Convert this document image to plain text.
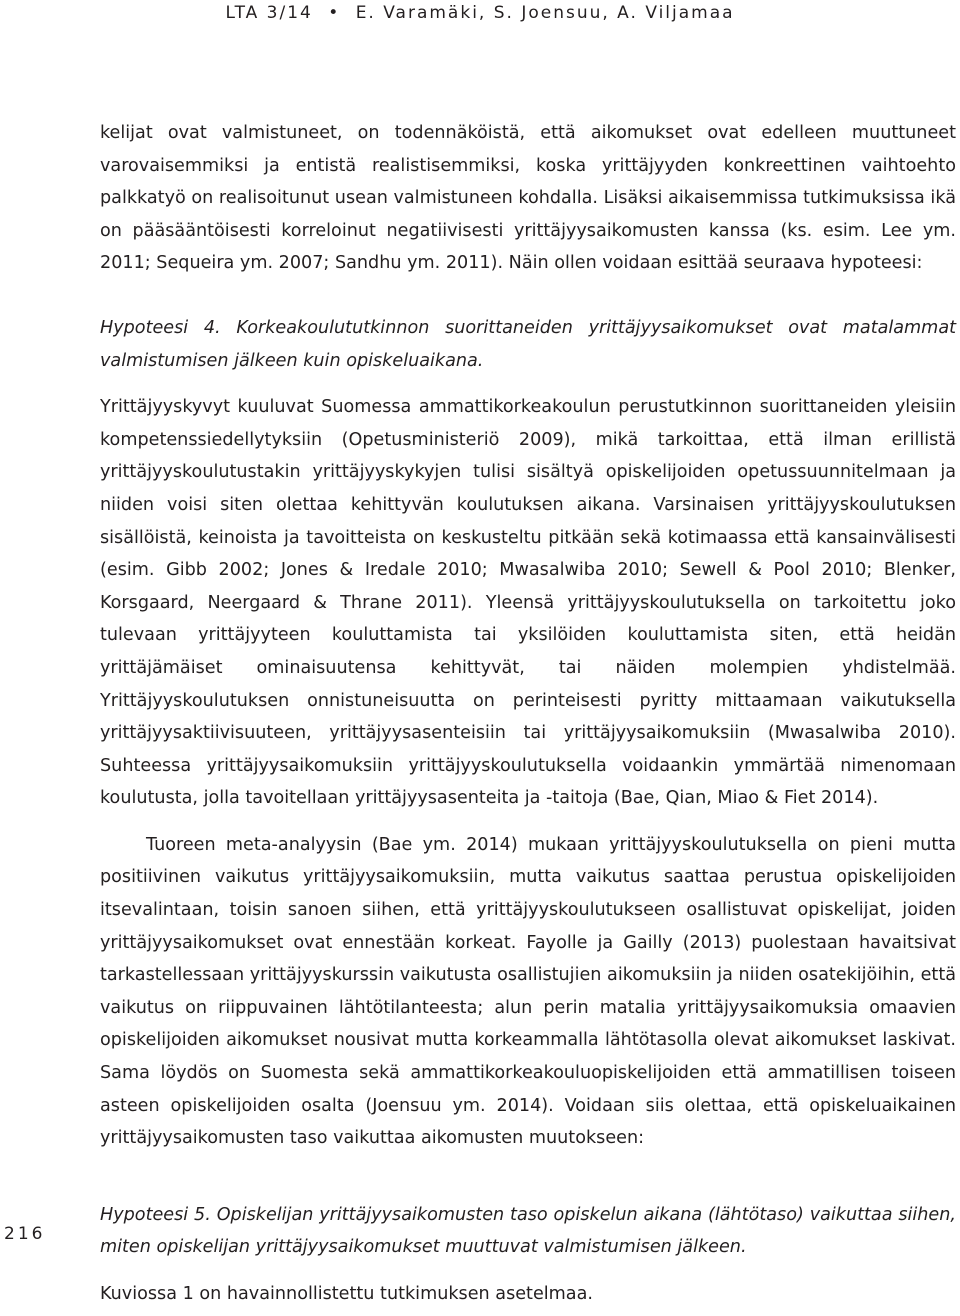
LTA 3/14 • E. Varamäki, S. Joensuu, A. Viljamaa

kelijat ovat valmistuneet, on todennäköistä, että aikomukset ovat edelleen muuttuneet varovaisemmiksi ja entistä realistisemmiksi, koska yrittäjyyden konkreettinen vaihtoehto palkkatyö on realisoitunut usean valmistuneen kohdalla. Lisäksi aikaisemmissa tutkimuksissa ikä on pääsääntöisesti korreloinut negatiivisesti yrittäjyysaikomusten kanssa (ks. esim. Lee ym. 2011; Sequeira ym. 2007; Sandhu ym. 2011). Näin ollen voidaan esittää seuraava hypoteesi:

Hypoteesi 4. Korkeakoulututkinnon suorittaneiden yrittäjyysaikomukset ovat matalammat valmistumisen jälkeen kuin opiskeluaikana.

Yrittäjyyskyvyt kuuluvat Suomessa ammattikorkeakoulun perustutkinnon suorittaneiden yleisiin kompetenssiedellytyksiin (Opetusministeriö 2009), mikä tarkoittaa, että ilman erillistä yrittäjyyskoulutustakin yrittäjyyskykyjen tulisi sisältyä opiskelijoiden opetussuunnitelmaan ja niiden voisi siten olettaa kehittyvän koulutuksen aikana. Varsinaisen yrittäjyyskoulutuksen sisällöistä, keinoista ja tavoitteista on keskusteltu pitkään sekä kotimaassa että kansainvälisesti (esim. Gibb 2002; Jones & Iredale 2010; Mwasalwiba 2010; Sewell & Pool 2010; Blenker, Korsgaard, Neergaard & Thrane 2011). Yleensä yrittäjyyskoulutuksella on tarkoitettu joko tulevaan yrittäjyyteen kouluttamista tai yksilöiden kouluttamista siten, että heidän yrittäjämäiset ominaisuutensa kehittyvät, tai näiden molempien yhdistelmää. Yrittäjyyskoulutuksen onnistuneisuutta on perinteisesti pyritty mittaamaan vaikutuksella yrittäjyysaktiivisuuteen, yrittäjyysasenteisiin tai yrittäjyysaikomuksiin (Mwasalwiba 2010). Suhteessa yrittäjyysaikomuksiin yrittäjyyskoulutuksella voidaankin ymmärtää nimenomaan koulutusta, jolla tavoitellaan yrittäjyysasenteita ja -taitoja (Bae, Qian, Miao & Fiet 2014).

Tuoreen meta-analyysin (Bae ym. 2014) mukaan yrittäjyyskoulutuksella on pieni mutta positiivinen vaikutus yrittäjyysaikomuksiin, mutta vaikutus saattaa perustua opiskelijoiden itsevalintaan, toisin sanoen siihen, että yrittäjyyskoulutukseen osallistuvat opiskelijat, joiden yrittäjyysaikomukset ovat ennestään korkeat. Fayolle ja Gailly (2013) puolestaan havaitsivat tarkastellessaan yrittäjyyskurssin vaikutusta osallistujien aikomuksiin ja niiden osatekijöihin, että vaikutus on riippuvainen lähtötilanteesta; alun perin matalia yrittäjyysaikomuksia omaavien opiskelijoiden aikomukset nousivat mutta korkeammalla lähtötasolla olevat aikomukset laskivat. Sama löydös on Suomesta sekä ammattikorkeakouluopiskelijoiden että ammatillisen toiseen asteen opiskelijoiden osalta (Joensuu ym. 2014). Voidaan siis olettaa, että opiskeluaikainen yrittäjyysaikomusten taso vaikuttaa aikomusten muutokseen:

Hypoteesi 5. Opiskelijan yrittäjyysaikomusten taso opiskelun aikana (lähtötaso) vaikuttaa siihen, miten opiskelijan yrittäjyysaikomukset muuttuvat valmistumisen jälkeen.

Kuviossa 1 on havainnollistettu tutkimuksen asetelmaa.

216
